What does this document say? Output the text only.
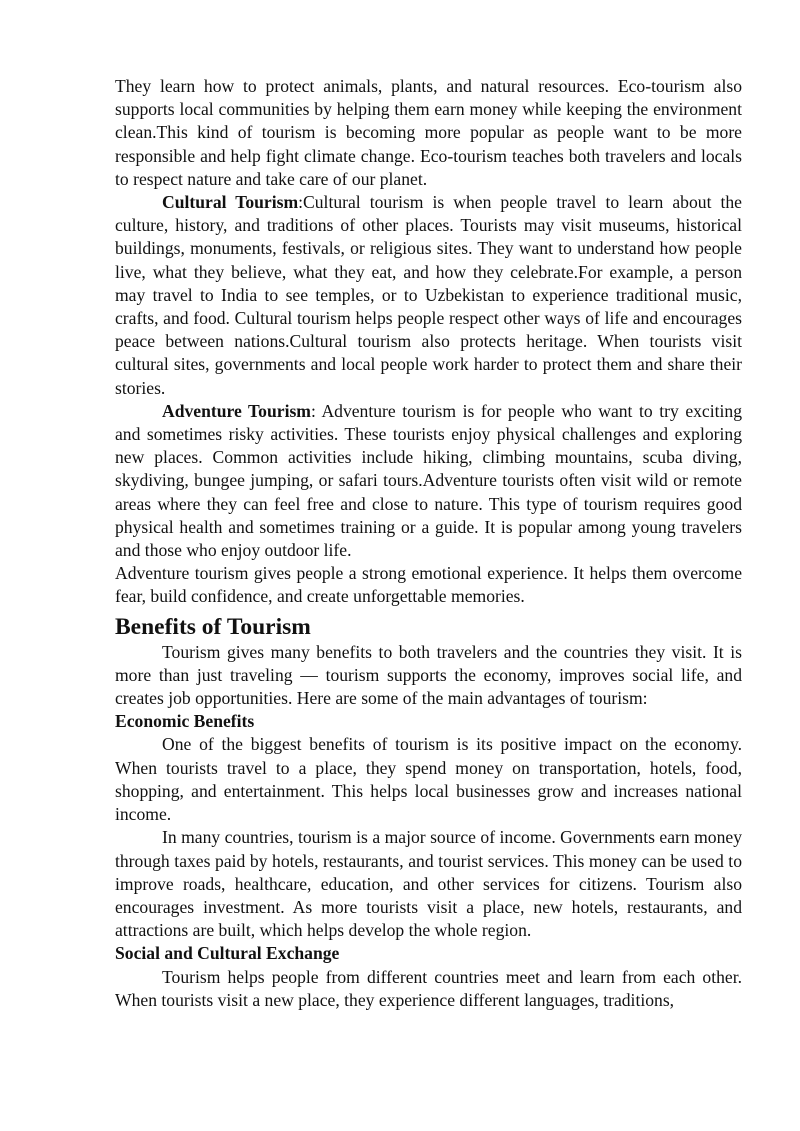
They learn how to protect animals, plants, and natural resources. Eco-tourism also supports local communities by helping them earn money while keeping the environment clean.This kind of tourism is becoming more popular as people want to be more responsible and help fight climate change. Eco-tourism teaches both travelers and locals to respect nature and take care of our planet.

Cultural Tourism:Cultural tourism is when people travel to learn about the culture, history, and traditions of other places. Tourists may visit museums, historical buildings, monuments, festivals, or religious sites. They want to understand how people live, what they believe, what they eat, and how they celebrate.For example, a person may travel to India to see temples, or to Uzbekistan to experience traditional music, crafts, and food. Cultural tourism helps people respect other ways of life and encourages peace between nations.Cultural tourism also protects heritage. When tourists visit cultural sites, governments and local people work harder to protect them and share their stories.

Adventure Tourism: Adventure tourism is for people who want to try exciting and sometimes risky activities. These tourists enjoy physical challenges and exploring new places. Common activities include hiking, climbing mountains, scuba diving, skydiving, bungee jumping, or safari tours.Adventure tourists often visit wild or remote areas where they can feel free and close to nature. This type of tourism requires good physical health and sometimes training or a guide. It is popular among young travelers and those who enjoy outdoor life.

Adventure tourism gives people a strong emotional experience. It helps them overcome fear, build confidence, and create unforgettable memories.

Benefits of Tourism

Tourism gives many benefits to both travelers and the countries they visit. It is more than just traveling — tourism supports the economy, improves social life, and creates job opportunities. Here are some of the main advantages of tourism:

Economic Benefits

One of the biggest benefits of tourism is its positive impact on the economy. When tourists travel to a place, they spend money on transportation, hotels, food, shopping, and entertainment. This helps local businesses grow and increases national income.

In many countries, tourism is a major source of income. Governments earn money through taxes paid by hotels, restaurants, and tourist services. This money can be used to improve roads, healthcare, education, and other services for citizens. Tourism also encourages investment. As more tourists visit a place, new hotels, restaurants, and attractions are built, which helps develop the whole region.

Social and Cultural Exchange

Tourism helps people from different countries meet and learn from each other. When tourists visit a new place, they experience different languages, traditions,
